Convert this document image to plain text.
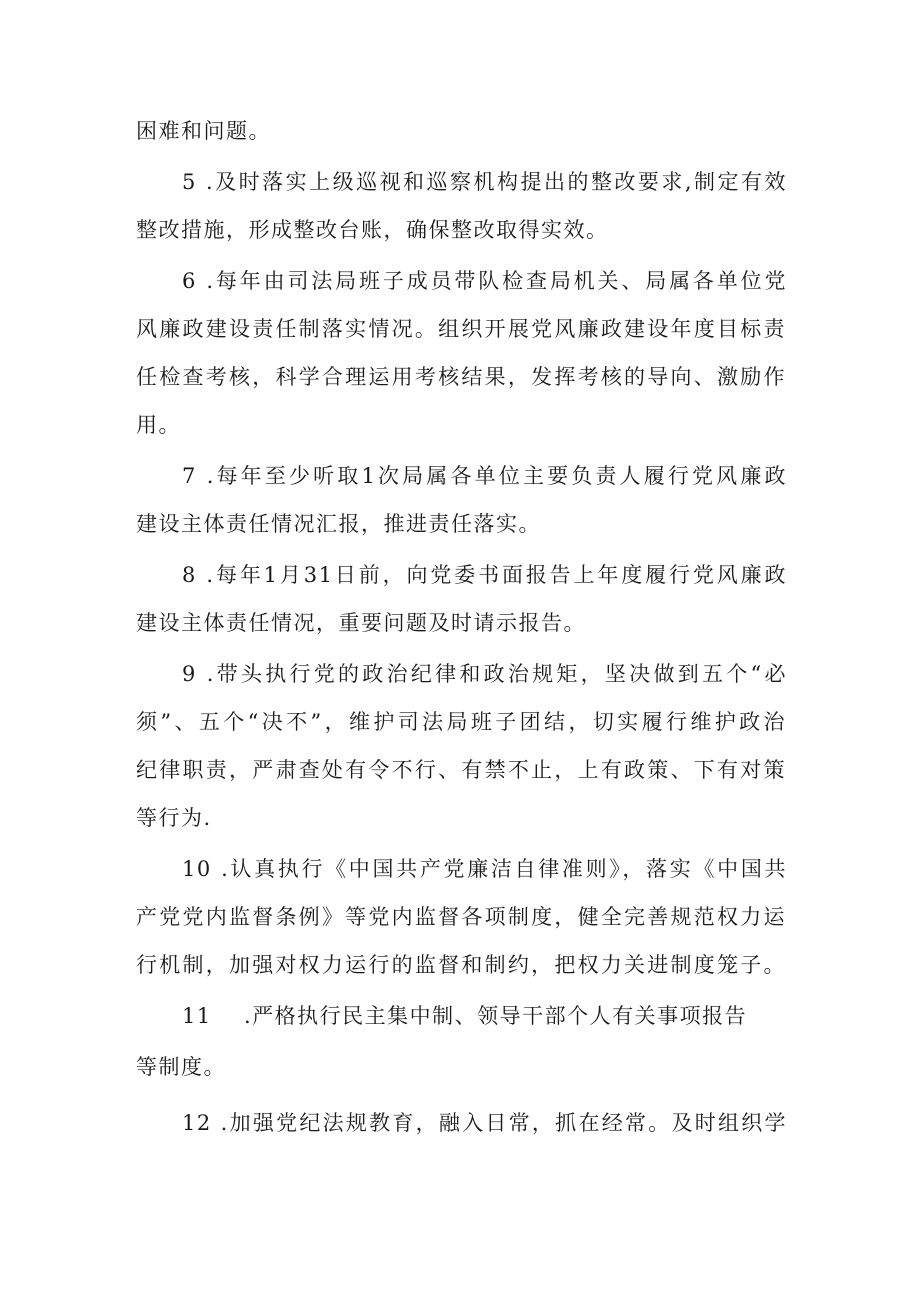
困难和问题。
5 .及时落实上级巡视和巡察机构提出的整改要求,制定有效
整改措施，形成整改台账，确保整改取得实效。
6 .每年由司法局班子成员带队检查局机关、局属各单位党
风廉政建设责任制落实情况。组织开展党风廉政建设年度目标责
任检查考核，科学合理运用考核结果，发挥考核的导向、激励作
用。
7 .每年至少听取1次局属各单位主要负责人履行党风廉政
建设主体责任情况汇报，推进责任落实。
8 .每年1月31日前，向党委书面报告上年度履行党风廉政
建设主体责任情况，重要问题及时请示报告。
9 .带头执行党的政治纪律和政治规矩，坚决做到五个“必
须”、五个“决不”，维护司法局班子团结，切实履行维护政治
纪律职责，严肃查处有令不行、有禁不止，上有政策、下有对策
等行为.
10 .认真执行《中国共产党廉洁自律准则》，落实《中国共
产党党内监督条例》等党内监督各项制度，健全完善规范权力运
行机制，加强对权力运行的监督和制约，把权力关进制度笼子。
11 .严格执行民主集中制、领导干部个人有关事项报告
等制度。
12 .加强党纪法规教育，融入日常，抓在经常。及时组织学
